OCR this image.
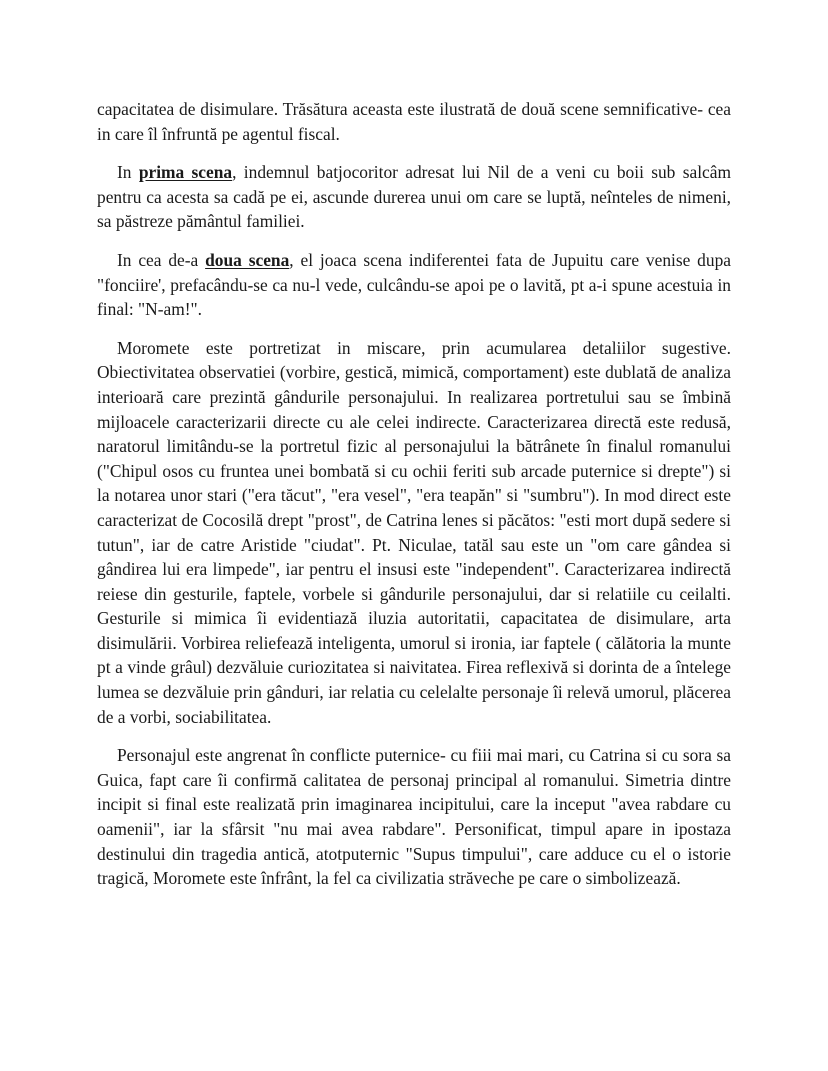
capacitatea de disimulare. Trăsătura aceasta este ilustrată de două scene semnificative- cea in care îl înfruntă pe agentul fiscal.

In prima scena, indemnul batjocoritor adresat lui Nil de a veni cu boii sub salcâm pentru ca acesta sa cadă pe ei, ascunde durerea unui om care se luptă, neînteles de nimeni, sa păstreze pământul familiei.

In cea de-a doua scena, el joaca scena indiferentei fata de Jupuitu care venise dupa "fonciire', prefacându-se ca nu-l vede, culcându-se apoi pe o lavită, pt a-i spune acestuia in final: "N-am!".

Moromete este portretizat in miscare, prin acumularea detaliilor sugestive. Obiectivitatea observatiei (vorbire, gestică, mimică, comportament) este dublată de analiza interioară care prezintă gândurile personajului. In realizarea portretului sau se îmbină mijloacele caracterizarii directe cu ale celei indirecte. Caracterizarea directă este redusă, naratorul limitându-se la portretul fizic al personajului la bătrânete în finalul romanului ("Chipul osos cu fruntea unei bombată si cu ochii feriti sub arcade puternice si drepte") si la notarea unor stari ("era tăcut", "era vesel", "era teapăn" si "sumbru"). In mod direct este caracterizat de Cocosilă drept "prost", de Catrina lenes si păcătos: "esti mort după sedere si tutun", iar de catre Aristide "ciudat". Pt. Niculae, tatăl sau este un "om care gândea si gândirea lui era limpede", iar pentru el insusi este "independent". Caracterizarea indirectă reiese din gesturile, faptele, vorbele si gândurile personajului, dar si relatiile cu ceilalti. Gesturile si mimica îi evidentiază iluzia autoritatii, capacitatea de disimulare, arta disimulării. Vorbirea reliefează inteligenta, umorul si ironia, iar faptele ( călătoria la munte pt a vinde grâul) dezvăluie curiozitatea si naivitatea. Firea reflexivă si dorinta de a întelege lumea se dezvăluie prin gânduri, iar relatia cu celelalte personaje îi relevă umorul, plăcerea de a vorbi, sociabilitatea.

Personajul este angrenat în conflicte puternice- cu fiii mai mari, cu Catrina si cu sora sa Guica, fapt care îi confirmă calitatea de personaj principal al romanului. Simetria dintre incipit si final este realizată prin imaginarea incipitului, care la inceput "avea rabdare cu oamenii", iar la sfârsit "nu mai avea rabdare". Personificat, timpul apare in ipostaza destinului din tragedia antică, atotputernic "Supus timpului", care adduce cu el o istorie tragică, Moromete este înfrânt, la fel ca civilizatia străveche pe care o simbolizează.
